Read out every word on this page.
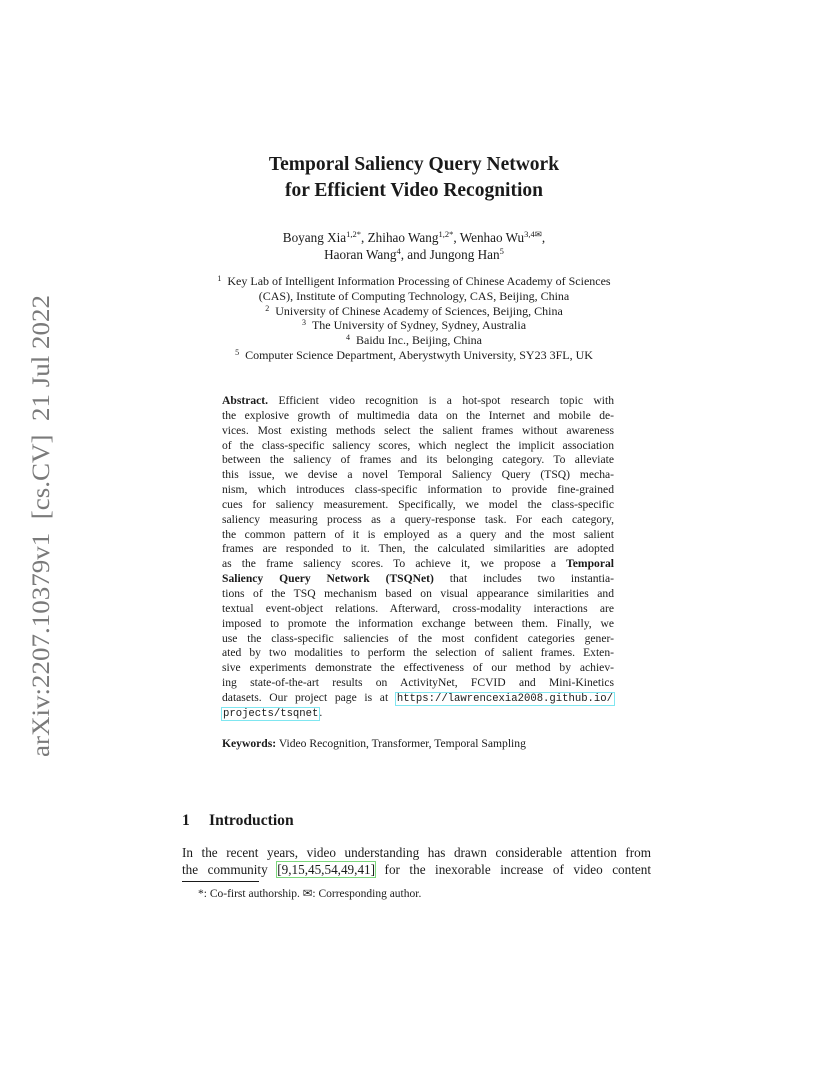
arXiv:2207.10379v1  [cs.CV]  21 Jul 2022
Temporal Saliency Query Network
for Efficient Video Recognition
Boyang Xia$^{1,2*}$, Zhihao Wang$^{1,2*}$, Wenhao $Wu^{3,4✉}$,
Haoran Wang$^4$, and Jungong Han$^5$
$^1$ Key Lab of Intelligent Information Processing of Chinese Academy of Sciences
(CAS), Institute of Computing Technology, CAS, Beijing, China
$^2$ University of Chinese Academy of Sciences, Beijing, China
$^3$ The University of Sydney, Sydney, Australia
$^4$ Baidu Inc., Beijing, China
$^5$ Computer Science Department, Aberystwyth University, SY23 3FL, UK
Abstract. Efficient video recognition is a hot-spot research topic with
the explosive growth of multimedia data on the Internet and mobile de-
vices. Most existing methods select the salient frames without awareness
of the class-specific saliency scores, which neglect the implicit association
between the saliency of frames and its belonging category. To alleviate
this issue, we devise a novel Temporal Saliency Query (TSQ) mecha-
nism, which introduces class-specific information to provide fine-grained
cues for saliency measurement. Specifically, we model the class-specific
saliency measuring process as a query-response task. For each category,
the common pattern of it is employed as a query and the most salient
frames are responded to it. Then, the calculated similarities are adopted
as the frame saliency scores. To achieve it, we propose a Temporal
Saliency Query Network (TSQNet) that includes two instantia-
tions of the TSQ mechanism based on visual appearance similarities and
textual event-object relations. Afterward, cross-modality interactions are
imposed to promote the information exchange between them. Finally, we
use the class-specific saliencies of the most confident categories gener-
ated by two modalities to perform the selection of salient frames. Exten-
sive experiments demonstrate the effectiveness of our method by achiev-
ing state-of-the-art results on ActivityNet, FCVID and Mini-Kinetics
datasets. Our project page is at https://lawrencexia2008.github.io/
projects/tsqnet.
Keywords: Video Recognition, Transformer, Temporal Sampling
1 Introduction
In the recent years, video understanding has drawn considerable attention from
the community [9,15,45,54,49,41] for the inexorable increase of video content
*: Co-first authorship. ✉: Corresponding author.
